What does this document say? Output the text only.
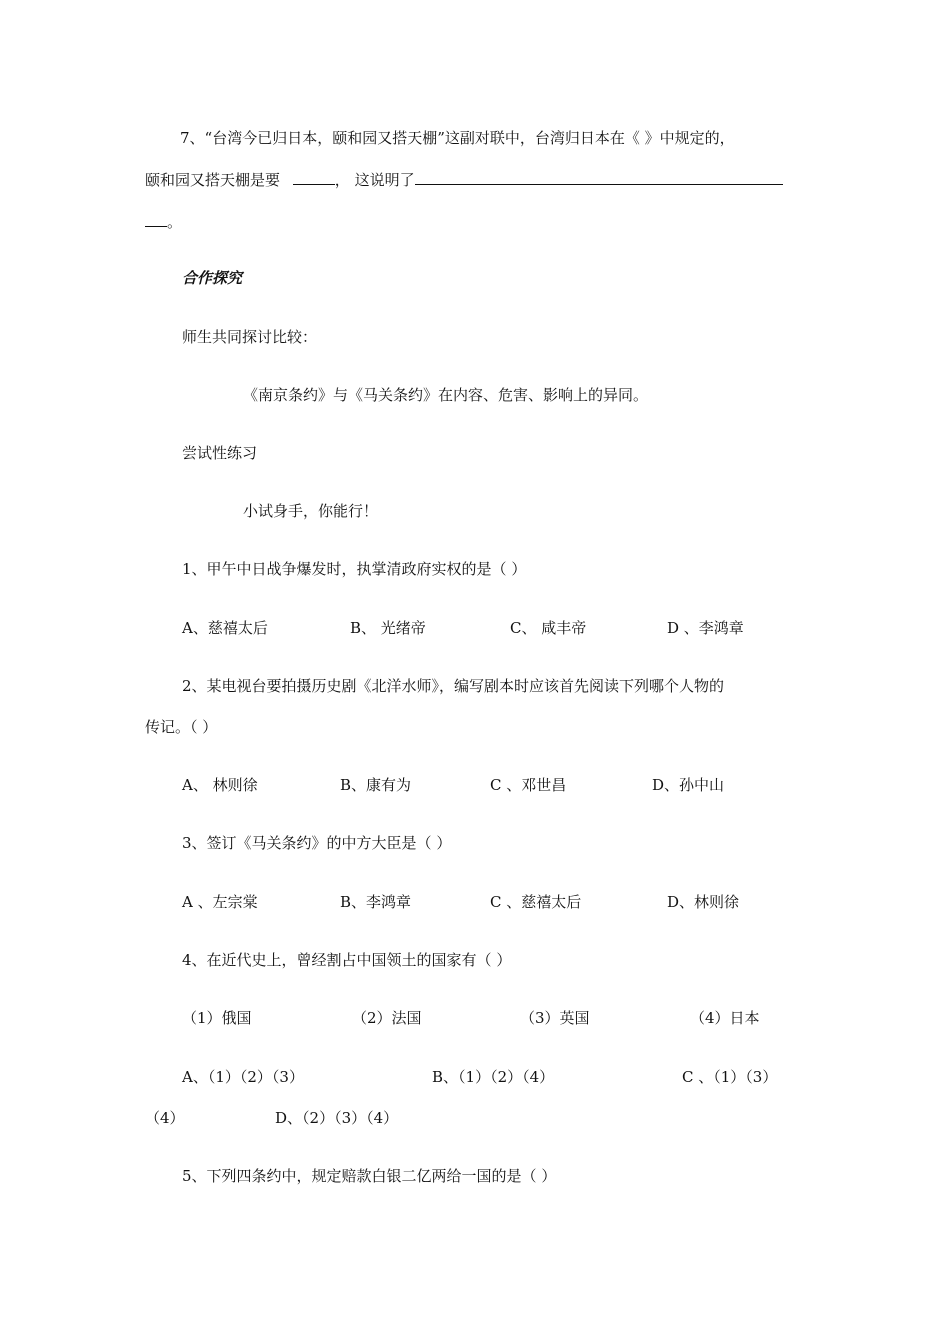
7、“台湾今已归日本，颐和园又搭天棚”这副对联中，台湾归日本在《 》中规定的，
颐和园又搭天棚是要	， 这说明了
。
合作探究
师生共同探讨比较：
《南京条约》与《马关条约》在内容、危害、影响上的异同。
尝试性练习
小试身手，你能行！
1、甲午中日战争爆发时，执掌清政府实权的是（ ）
A、慈禧太后	B、 光绪帝	C、 咸丰帝	D 、李鸿章
2、某电视台要拍摄历史剧《北洋水师》，编写剧本时应该首先阅读下列哪个人物的
传记。（ ）
A、 林则徐	B、康有为	C 、邓世昌	D、孙中山
3、签订《马关条约》的中方大臣是（ ）
A 、左宗棠	B、李鸿章	C 、慈禧太后	D、林则徐
4、在近代史上，曾经割占中国领土的国家有（ ）
（1）俄国	（2）法国	（3）英国	（4）日本
A、（1）（2）（3）	B、（1）（2）（4）	C 、（1）（3）
（4）	D、（2）（3）（4）
5、下列四条约中，规定赔款白银二亿两给一国的是（ ）
